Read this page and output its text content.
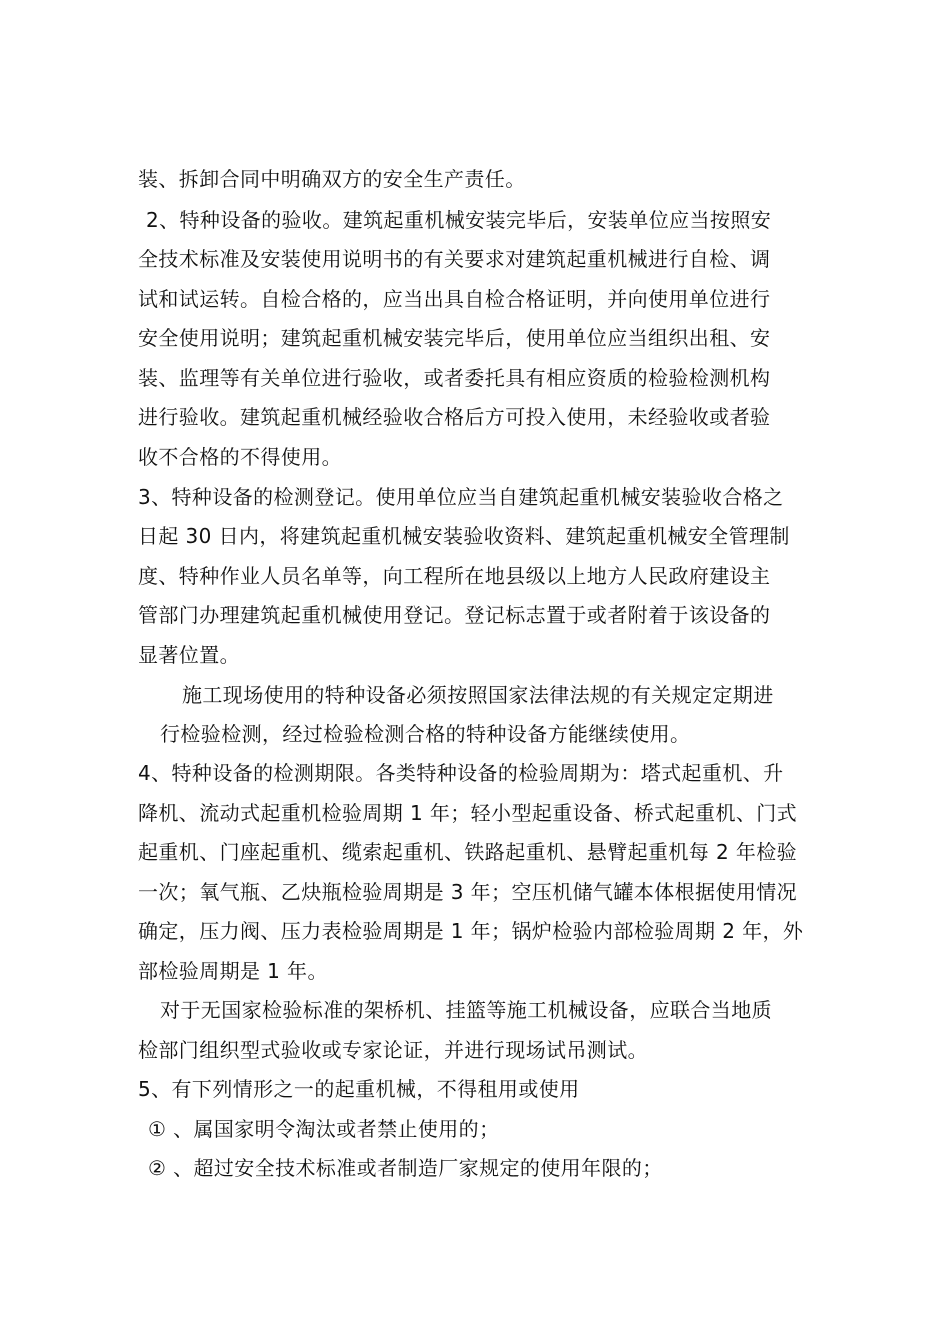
装、拆卸合同中明确双方的安全生产责任。
2、特种设备的验收。建筑起重机械安装完毕后，安装单位应当按照安
全技术标准及安装使用说明书的有关要求对建筑起重机械进行自检、调
试和试运转。自检合格的，应当出具自检合格证明，并向使用单位进行
安全使用说明；建筑起重机械安装完毕后，使用单位应当组织出租、安
装、监理等有关单位进行验收，或者委托具有相应资质的检验检测机构
进行验收。建筑起重机械经验收合格后方可投入使用，未经验收或者验
收不合格的不得使用。
3、特种设备的检测登记。使用单位应当自建筑起重机械安装验收合格之
日起 30 日内，将建筑起重机械安装验收资料、建筑起重机械安全管理制
度、特种作业人员名单等，向工程所在地县级以上地方人民政府建设主
管部门办理建筑起重机械使用登记。登记标志置于或者附着于该设备的
显著位置。
施工现场使用的特种设备必须按照国家法律法规的有关规定定期进
行检验检测，经过检验检测合格的特种设备方能继续使用。
4、特种设备的检测期限。各类特种设备的检验周期为：塔式起重机、升
降机、流动式起重机检验周期 1 年；轻小型起重设备、桥式起重机、门式
起重机、门座起重机、缆索起重机、铁路起重机、悬臂起重机每 2 年检验
一次；氧气瓶、乙炔瓶检验周期是 3 年；空压机储气罐本体根据使用情况
确定，压力阀、压力表检验周期是 1 年；锅炉检验内部检验周期 2 年，外
部检验周期是 1 年。
对于无国家检验标准的架桥机、挂篮等施工机械设备，应联合当地质
检部门组织型式验收或专家论证，并进行现场试吊测试。
5、有下列情形之一的起重机械，不得租用或使用
① 、属国家明令淘汰或者禁止使用的；
② 、超过安全技术标准或者制造厂家规定的使用年限的；
